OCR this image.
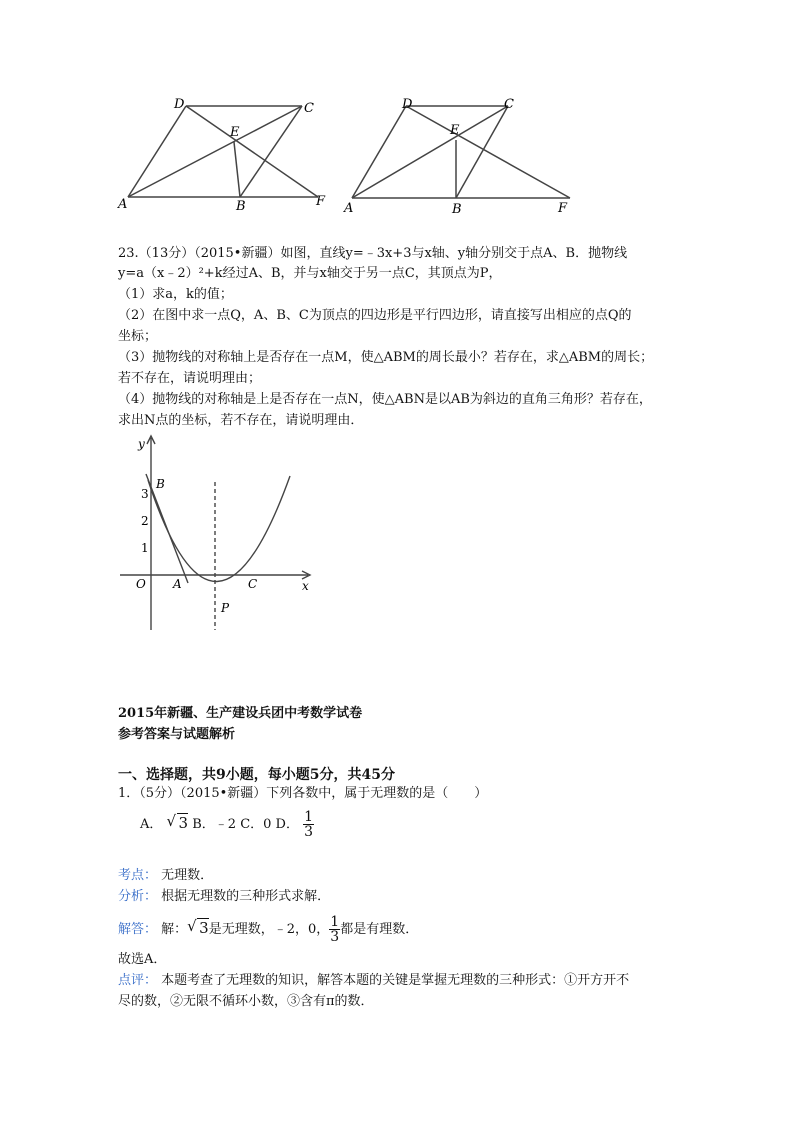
D	C
E
A	B	F
D	C
E
A	B	F
23.（13分）（2015•新疆）如图，直线y=﹣3x+3与x轴、y轴分别交于点A、B．抛物线
y=a（x﹣2）²+k经过A、B，并与x轴交于另一点C，其顶点为P，
（1）求a，k的值；
（2）在图中求一点Q，A、B、C为顶点的四边形是平行四边形，请直接写出相应的点Q的
坐标；
（3）抛物线的对称轴上是否存在一点M，使△ABM的周长最小？若存在，求△ABM的周长；
若不存在，请说明理由；
（4）抛物线的对称轴是上是否存在一点N，使△ABN是以AB为斜边的直角三角形？若存在，
求出N点的坐标，若不存在，请说明理由．
y
x
O
1
2
3
A
B
C
P
2015年新疆、生产建设兵团中考数学试卷
参考答案与试题解析
一、选择题，共9小题，每小题5分，共45分
1．（5分）（2015•新疆）下列各数中，属于无理数的是（　　）
A． √ 3 B．﹣2 C．0 D． $\frac{1}{3}$
考点： 无理数．
分析： 根据无理数的三种形式求解．
解答： 解： √ 3是无理数，﹣2，0， $\frac{1}{3}$ 都是有理数．
故选A．
点评： 本题考查了无理数的知识，解答本题的关键是掌握无理数的三种形式：①开方开不
尽的数，②无限不循环小数，③含有π的数．
